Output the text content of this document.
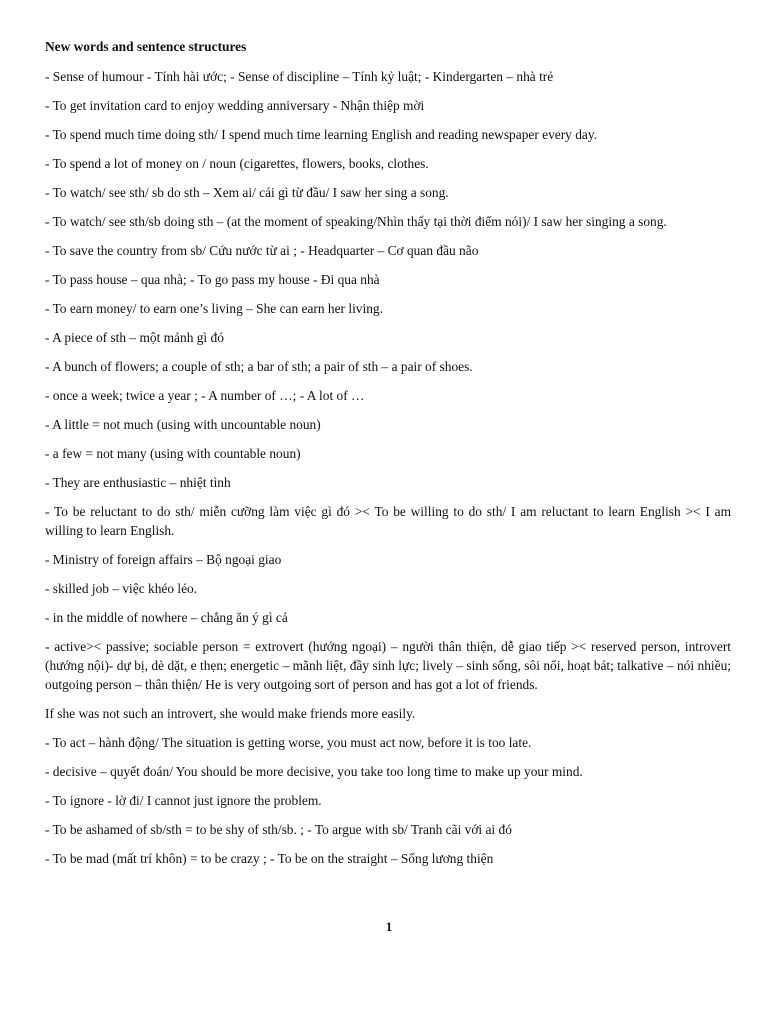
New words and sentence structures

- Sense of humour - Tính hài ước; - Sense of discipline – Tính kỷ luật; - Kindergarten – nhà trẻ

- To get invitation card to enjoy wedding anniversary - Nhận thiệp mời

- To spend much time doing sth/ I spend much time learning English and reading newspaper every day.

- To spend a lot of money on / noun (cigarettes, flowers, books, clothes.

- To watch/ see sth/ sb do sth – Xem ai/ cái gì từ đầu/ I saw her sing a song.

- To watch/ see sth/sb doing sth – (at the moment of speaking/Nhìn thấy tại thời điểm nói)/ I saw her singing a song.

- To save the country from sb/ Cứu nước từ ai ; - Headquarter – Cơ quan đầu não

- To pass house – qua nhà; - To go pass my house - Đi qua nhà

- To earn money/ to earn one’s living – She can earn her living.

- A piece of sth – một mảnh gì đó

- A bunch of flowers; a couple of sth; a bar of sth; a pair of sth – a pair of shoes.

- once a week; twice a year ; - A number of …; - A lot of …

- A little = not much (using with uncountable noun)

- a few = not many (using with countable noun)

- They are enthusiastic – nhiệt tình

- To be reluctant to do sth/ miễn cưỡng làm việc gì đó >< To be willing to do sth/ I am reluctant to learn English >< I am willing to learn English.

- Ministry of foreign affairs – Bộ ngoại giao

- skilled job – việc khéo léo.

- in the middle of nowhere – chẳng ăn ý gì cả

- active>< passive; sociable person = extrovert (hướng ngoại) – người thân thiện, dễ giao tiếp >< reserved person, introvert (hướng nội)- dự bị, dè dặt, e thẹn; energetic – mãnh liệt, đầy sinh lực; lively – sinh sống, sôi nổi, hoạt bát; talkative – nói nhiều; outgoing person – thân thiện/ He is very outgoing sort of person and has got a lot of friends.

If she was not such an introvert, she would make friends more easily.

- To act – hành động/ The situation is getting worse, you must act now, before it is too late.

- decisive – quyết đoán/ You should be more decisive, you take too long time to make up your mind.

- To ignore - lờ đi/ I cannot just ignore the problem.

- To be ashamed of sb/sth = to be shy of sth/sb. ; - To argue with sb/ Tranh cãi với ai đó

- To be mad (mất trí khôn) = to be crazy ; - To be on the straight – Sống lương thiện

1
